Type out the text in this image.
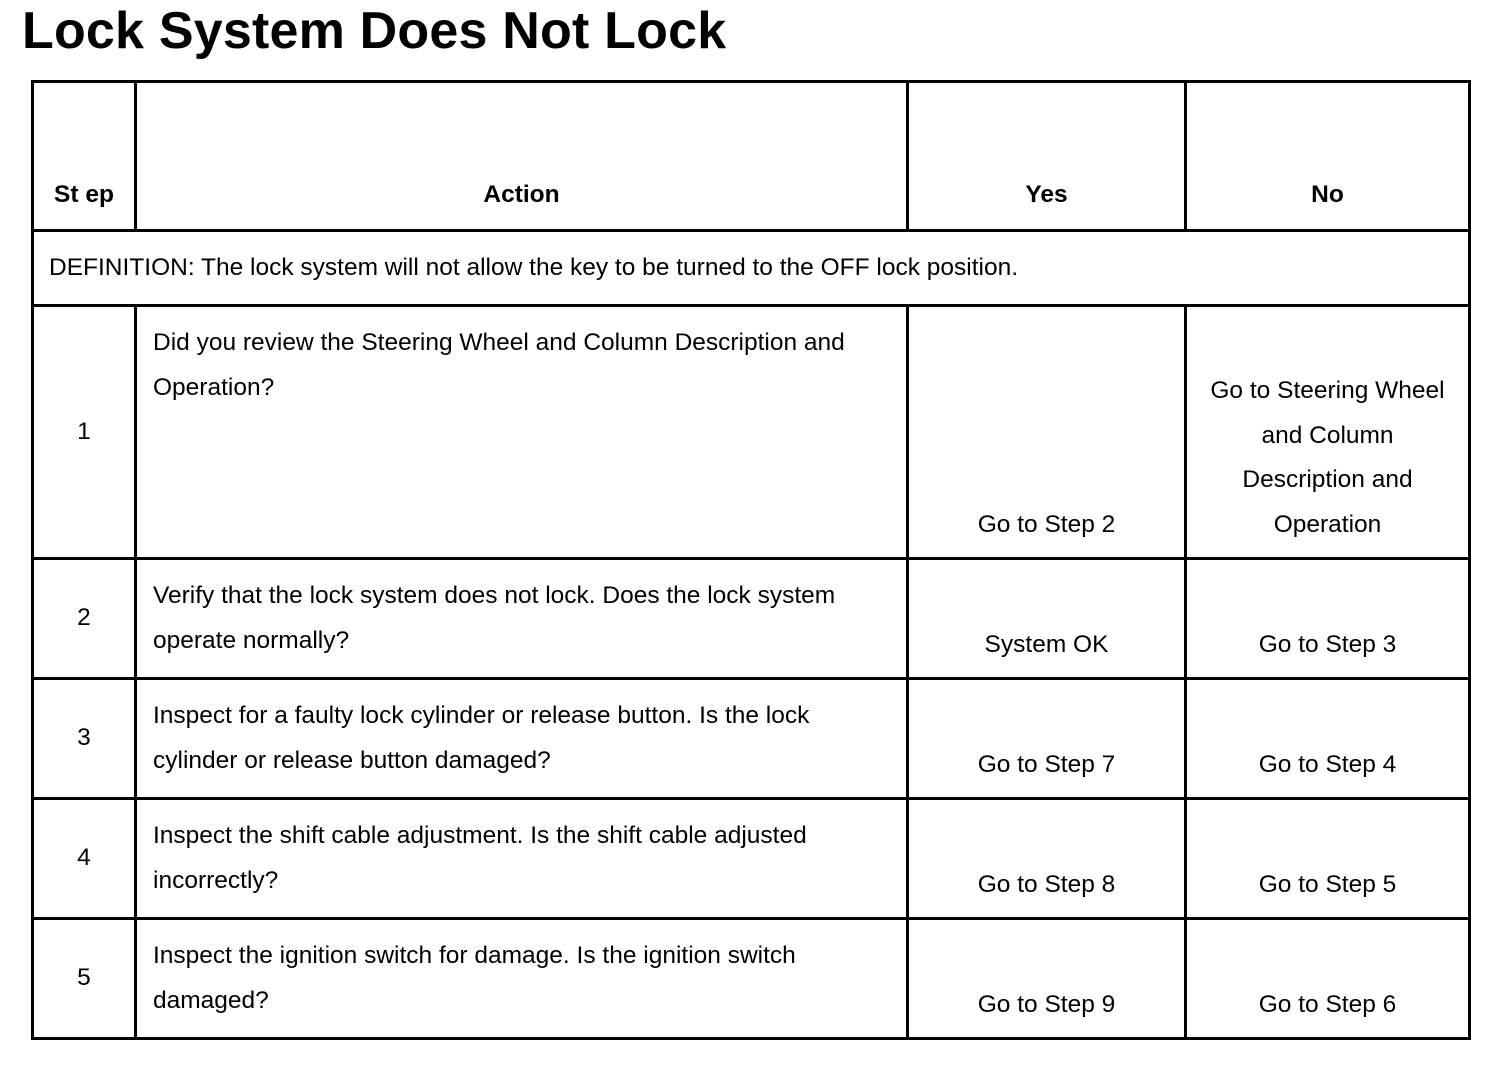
Lock System Does Not Lock
St ep	Action	Yes	No
DEFINITION: The lock system will not allow the key to be turned to the OFF lock position.			
1	Did you review the Steering Wheel and Column Description and Operation?	Go to Step 2	Go to Steering Wheel and Column Description and Operation
2	Verify that the lock system does not lock. Does the lock system operate normally?	System OK	Go to Step 3
3	Inspect for a faulty lock cylinder or release button. Is the lock cylinder or release button damaged?	Go to Step 7	Go to Step 4
4	Inspect the shift cable adjustment. Is the shift cable adjusted incorrectly?	Go to Step 8	Go to Step 5
5	Inspect the ignition switch for damage. Is the ignition switch damaged?	Go to Step 9	Go to Step 6
